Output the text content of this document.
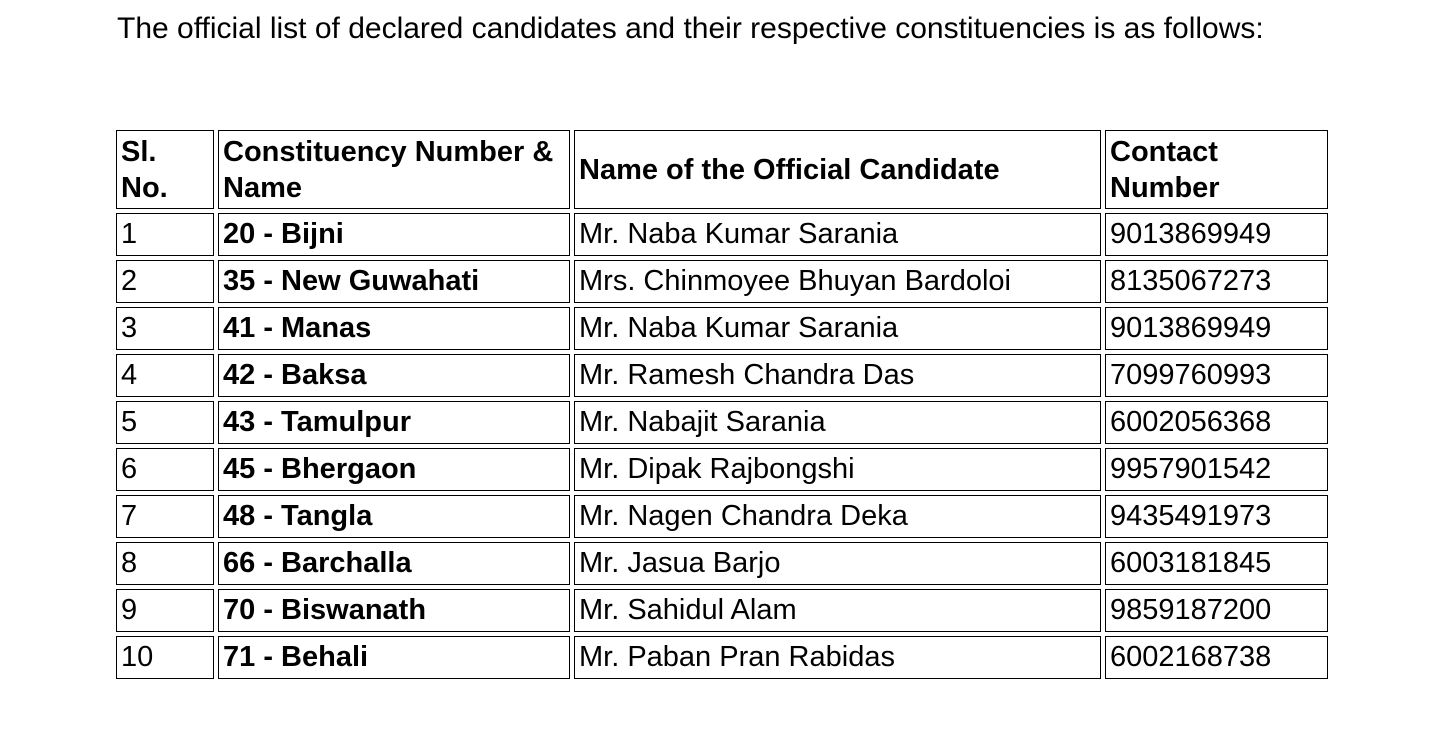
The official list of declared candidates and their respective constituencies is as follows:

Sl. No.	Constituency Number & Name	Name of the Official Candidate	Contact Number
1	20 - Bijni	Mr. Naba Kumar Sarania	9013869949
2	35 - New Guwahati	Mrs. Chinmoyee Bhuyan Bardoloi	8135067273
3	41 - Manas	Mr. Naba Kumar Sarania	9013869949
4	42 - Baksa	Mr. Ramesh Chandra Das	7099760993
5	43 - Tamulpur	Mr. Nabajit Sarania	6002056368
6	45 - Bhergaon	Mr. Dipak Rajbongshi	9957901542
7	48 - Tangla	Mr. Nagen Chandra Deka	9435491973
8	66 - Barchalla	Mr. Jasua Barjo	6003181845
9	70 - Biswanath	Mr. Sahidul Alam	9859187200
10	71 - Behali	Mr. Paban Pran Rabidas	6002168738
